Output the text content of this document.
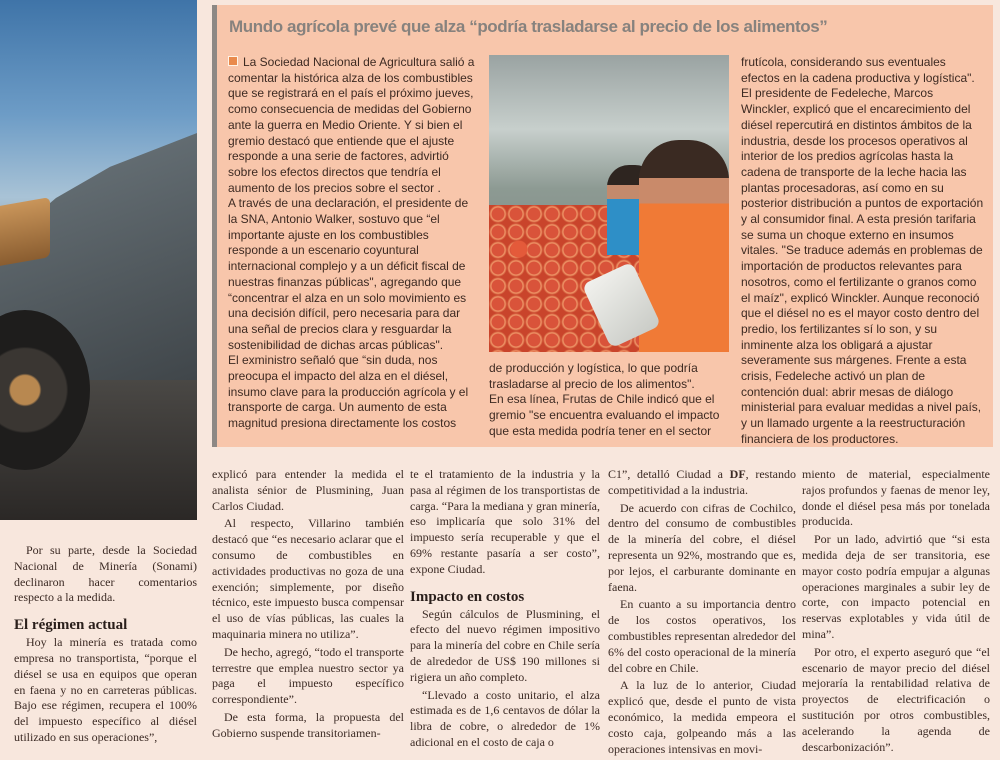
Mundo agrícola prevé que alza “podría trasladarse al precio de los alimentos”

La Sociedad Nacional de Agricultura salió a comentar la histórica alza de los combustibles que se registrará en el país el próximo jueves, como consecuencia de medidas del Gobierno ante la guerra en Medio Oriente. Y si bien el gremio destacó que entiende que el ajuste responde a una serie de factores, advirtió sobre los efectos directos que tendría el aumento de los precios sobre el sector .

A través de una declaración, el presidente de la SNA, Antonio Walker, sostuvo que “el importante ajuste en los combustibles responde a un escenario coyuntural internacional complejo y a un déficit fiscal de nuestras finanzas públicas", agregando que “concentrar el alza en un solo movimiento es una decisión difícil, pero necesaria para dar una señal de precios clara y resguardar la sostenibilidad de dichas arcas públicas".

El exministro señaló que “sin duda, nos preocupa el impacto del alza en el diésel, insumo clave para la producción agrícola y el transporte de carga. Un aumento de esta magnitud presiona directamente los costos

de producción y logística, lo que podría trasladarse al precio de los alimentos".

En esa línea, Frutas de Chile indicó que el gremio "se encuentra evaluando el impacto que esta medida podría tener en el sector

frutícola, considerando sus eventuales efectos en la cadena productiva y logística".

El presidente de Fedeleche, Marcos Winckler, explicó que el encarecimiento del diésel repercutirá en distintos ámbitos de la industria, desde los procesos operativos al interior de los predios agrícolas hasta la cadena de transporte de la leche hacia las plantas procesadoras, así como en su posterior distribución a puntos de exportación y al consumidor final. A esta presión tarifaria se suma un choque externo en insumos vitales. "Se traduce además en problemas de importación de productos relevantes para nosotros, como el fertilizante o granos como el maíz", explicó Winckler. Aunque reconoció que el diésel no es el mayor costo dentro del predio, los fertilizantes sí lo son, y su inminente alza los obligará a ajustar severamente sus márgenes. Frente a esta crisis, Fedeleche activó un plan de contención dual: abrir mesas de diálogo ministerial para evaluar medidas a nivel país, y un llamado urgente a la reestructuración financiera de los productores.

Por su parte, desde la Sociedad Nacional de Minería (Sonami) declinaron hacer comentarios respecto a la medida.

El régimen actual

Hoy la minería es tratada como empresa no transportista, “porque el diésel se usa en equipos que operan en faena y no en carreteras públicas. Bajo ese régimen, recupera el 100% del impuesto específico al diésel utilizado en sus operaciones”,

explicó para entender la medida el analista sénior de Plusmining, Juan Carlos Ciudad.

Al respecto, Villarino también destacó que “es necesario aclarar que el consumo de combustibles en actividades productivas no goza de una exención; simplemente, por diseño técnico, este impuesto busca compensar el uso de vías públicas, las cuales la maquinaria minera no utiliza”.

De hecho, agregó, “todo el transporte terrestre que emplea nuestro sector ya paga el impuesto específico correspondiente”.

De esta forma, la propuesta del Gobierno suspende transitoriamen-

te el tratamiento de la industria y la pasa al régimen de los transportistas de carga. “Para la mediana y gran minería, eso implicaría que solo 31% del impuesto sería recuperable y que el 69% restante pasaría a ser costo”, expone Ciudad.

Impacto en costos

Según cálculos de Plusmining, el efecto del nuevo régimen impositivo para la minería del cobre en Chile sería de alrededor de US$ 190 millones si rigiera un año completo.

“Llevado a costo unitario, el alza estimada es de 1,6 centavos de dólar la libra de cobre, o alrededor de 1% adicional en el costo de caja o

C1”, detalló Ciudad a DF, restando competitividad a la industria.

De acuerdo con cifras de Cochilco, dentro del consumo de combustibles de la minería del cobre, el diésel representa un 92%, mostrando que es, por lejos, el carburante dominante en faena.

En cuanto a su importancia dentro de los costos operativos, los combustibles representan alrededor del 6% del costo operacional de la minería del cobre en Chile.

A la luz de lo anterior, Ciudad explicó que, desde el punto de vista económico, la medida empeora el costo caja, golpeando más a las operaciones intensivas en movi-

miento de material, especialmente rajos profundos y faenas de menor ley, donde el diésel pesa más por tonelada producida.

Por un lado, advirtió que “si esta medida deja de ser transitoria, ese mayor costo podría empujar a algunas operaciones marginales a subir ley de corte, con impacto potencial en reservas explotables y vida útil de mina”.

Por otro, el experto aseguró que “el escenario de mayor precio del diésel mejoraría la rentabilidad relativa de proyectos de electrificación o sustitución por otros combustibles, acelerando la agenda de descarbonización”.
